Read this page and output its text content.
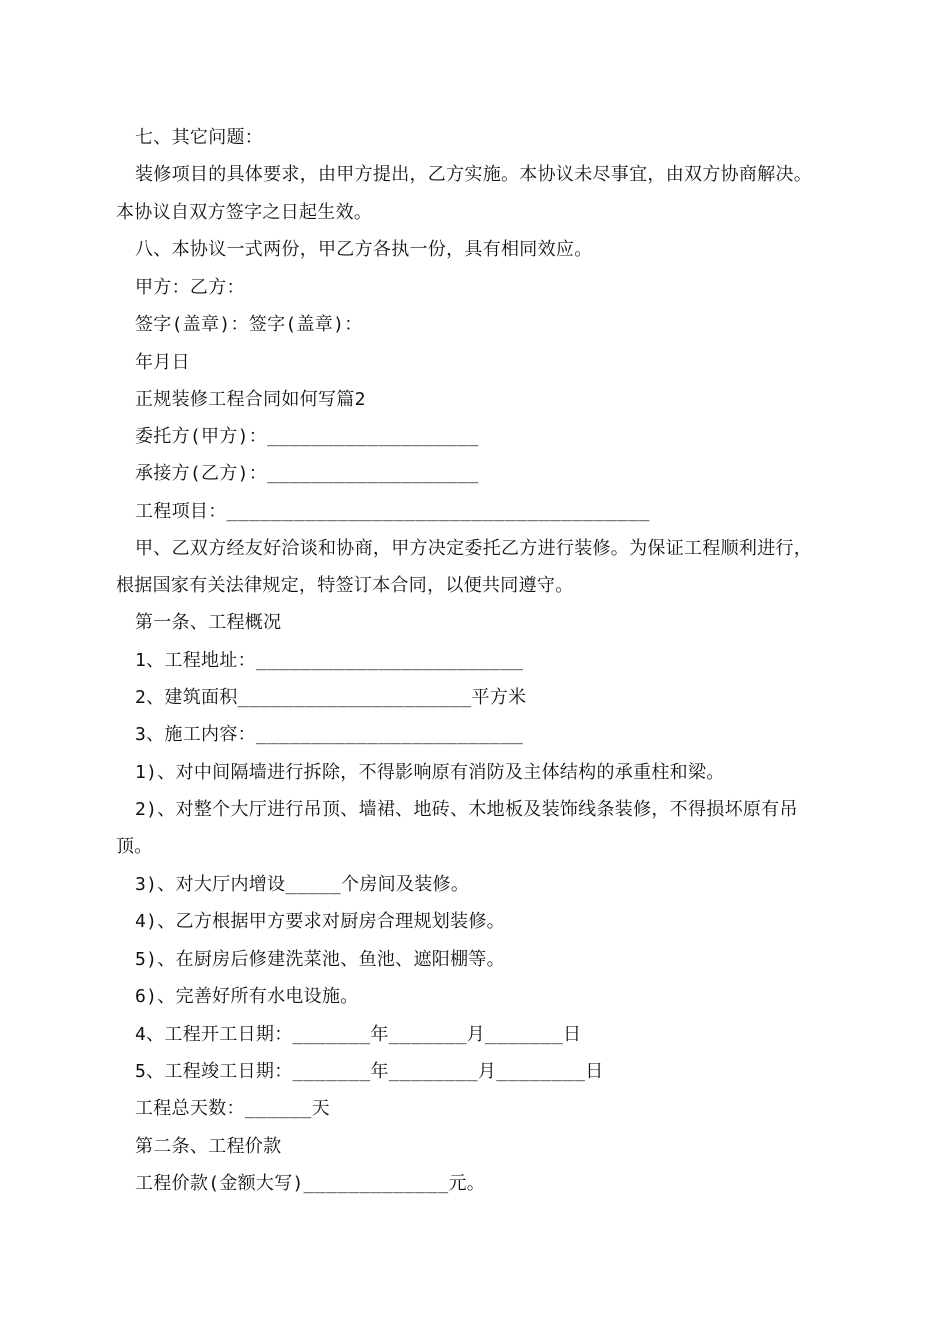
七、其它问题：
装修项目的具体要求，由甲方提出，乙方实施。本协议未尽事宜，由双方协商解决。
本协议自双方签字之日起生效。
八、本协议一式两份，甲乙方各执一份，具有相同效应。
甲方：乙方：
签字(盖章)：签字(盖章)：
年月日
正规装修工程合同如何写篇2
委托方(甲方)：___________________
承接方(乙方)：___________________
工程项目：______________________________________
甲、乙双方经友好洽谈和协商，甲方决定委托乙方进行装修。为保证工程顺利进行，
根据国家有关法律规定，特签订本合同，以便共同遵守。
第一条、工程概况
1、工程地址：________________________
2、建筑面积_____________________平方米
3、施工内容：________________________
1)、对中间隔墙进行拆除，不得影响原有消防及主体结构的承重柱和梁。
2)、对整个大厅进行吊顶、墙裙、地砖、木地板及装饰线条装修，不得损坏原有吊
顶。
3)、对大厅内增设_____个房间及装修。
4)、乙方根据甲方要求对厨房合理规划装修。
5)、在厨房后修建洗菜池、鱼池、遮阳棚等。
6)、完善好所有水电设施。
4、工程开工日期：_______年_______月_______日
5、工程竣工日期：_______年________月________日
工程总天数：______天
第二条、工程价款
工程价款(金额大写)_____________元。
